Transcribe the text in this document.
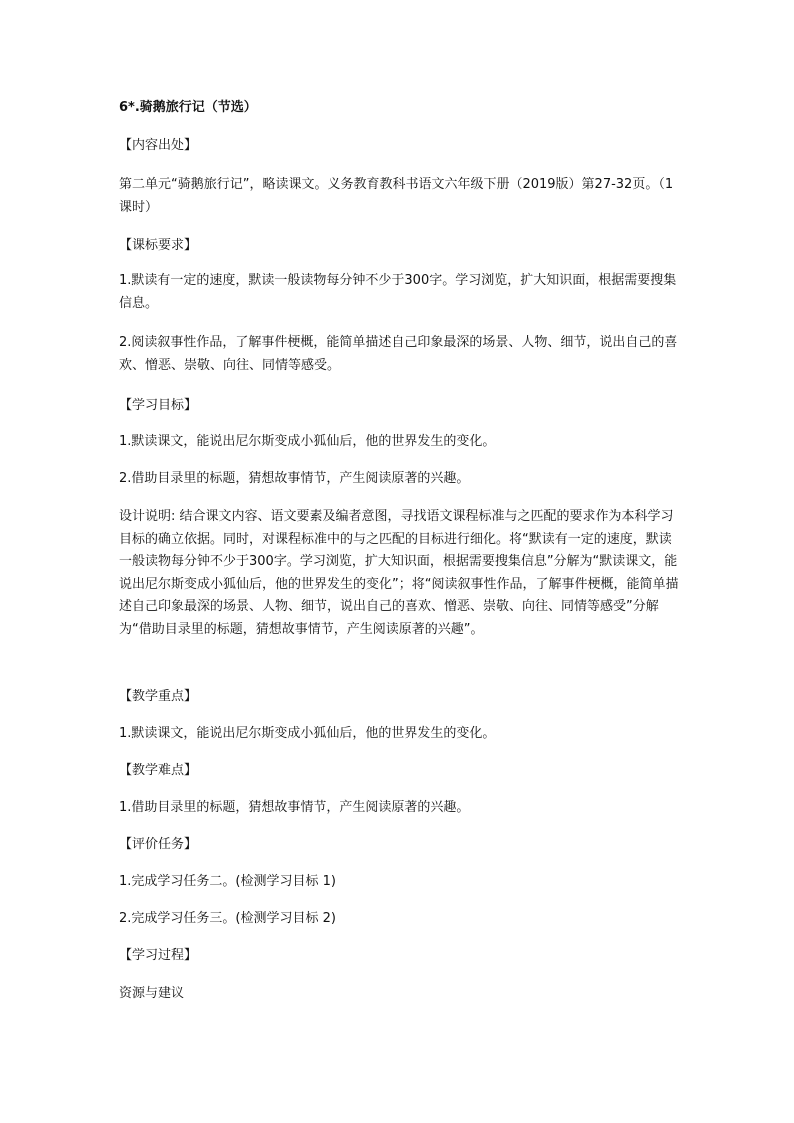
6*.骑鹅旅行记（节选）
【内容出处】
第二单元“骑鹅旅行记”，略读课文。义务教育教科书语文六年级下册（2019版）第27-32页。（1课时）
【课标要求】
1.默读有一定的速度，默读一般读物每分钟不少于300字。学习浏览，扩大知识面，根据需要搜集信息。
2.阅读叙事性作品，了解事件梗概，能简单描述自己印象最深的场景、人物、细节，说出自己的喜欢、憎恶、崇敬、向往、同情等感受。
【学习目标】
1.默读课文，能说出尼尔斯变成小狐仙后，他的世界发生的变化。
2.借助目录里的标题，猜想故事情节，产生阅读原著的兴趣。
设计说明: 结合课文内容、语文要素及编者意图，寻找语文课程标准与之匹配的要求作为本科学习目标的确立依据。同时，对课程标准中的与之匹配的目标进行细化。将“默读有一定的速度，默读一般读物每分钟不少于300字。学习浏览，扩大知识面，根据需要搜集信息”分解为“默读课文，能说出尼尔斯变成小狐仙后，他的世界发生的变化”；将“阅读叙事性作品，了解事件梗概，能简单描述自己印象最深的场景、人物、细节，说出自己的喜欢、憎恶、崇敬、向往、同情等感受”分解为“借助目录里的标题，猜想故事情节，产生阅读原著的兴趣”。
【教学重点】
1.默读课文，能说出尼尔斯变成小狐仙后，他的世界发生的变化。
【教学难点】
1.借助目录里的标题，猜想故事情节，产生阅读原著的兴趣。
【评价任务】
1.完成学习任务二。(检测学习目标 1)
2.完成学习任务三。(检测学习目标 2)
【学习过程】
资源与建议
